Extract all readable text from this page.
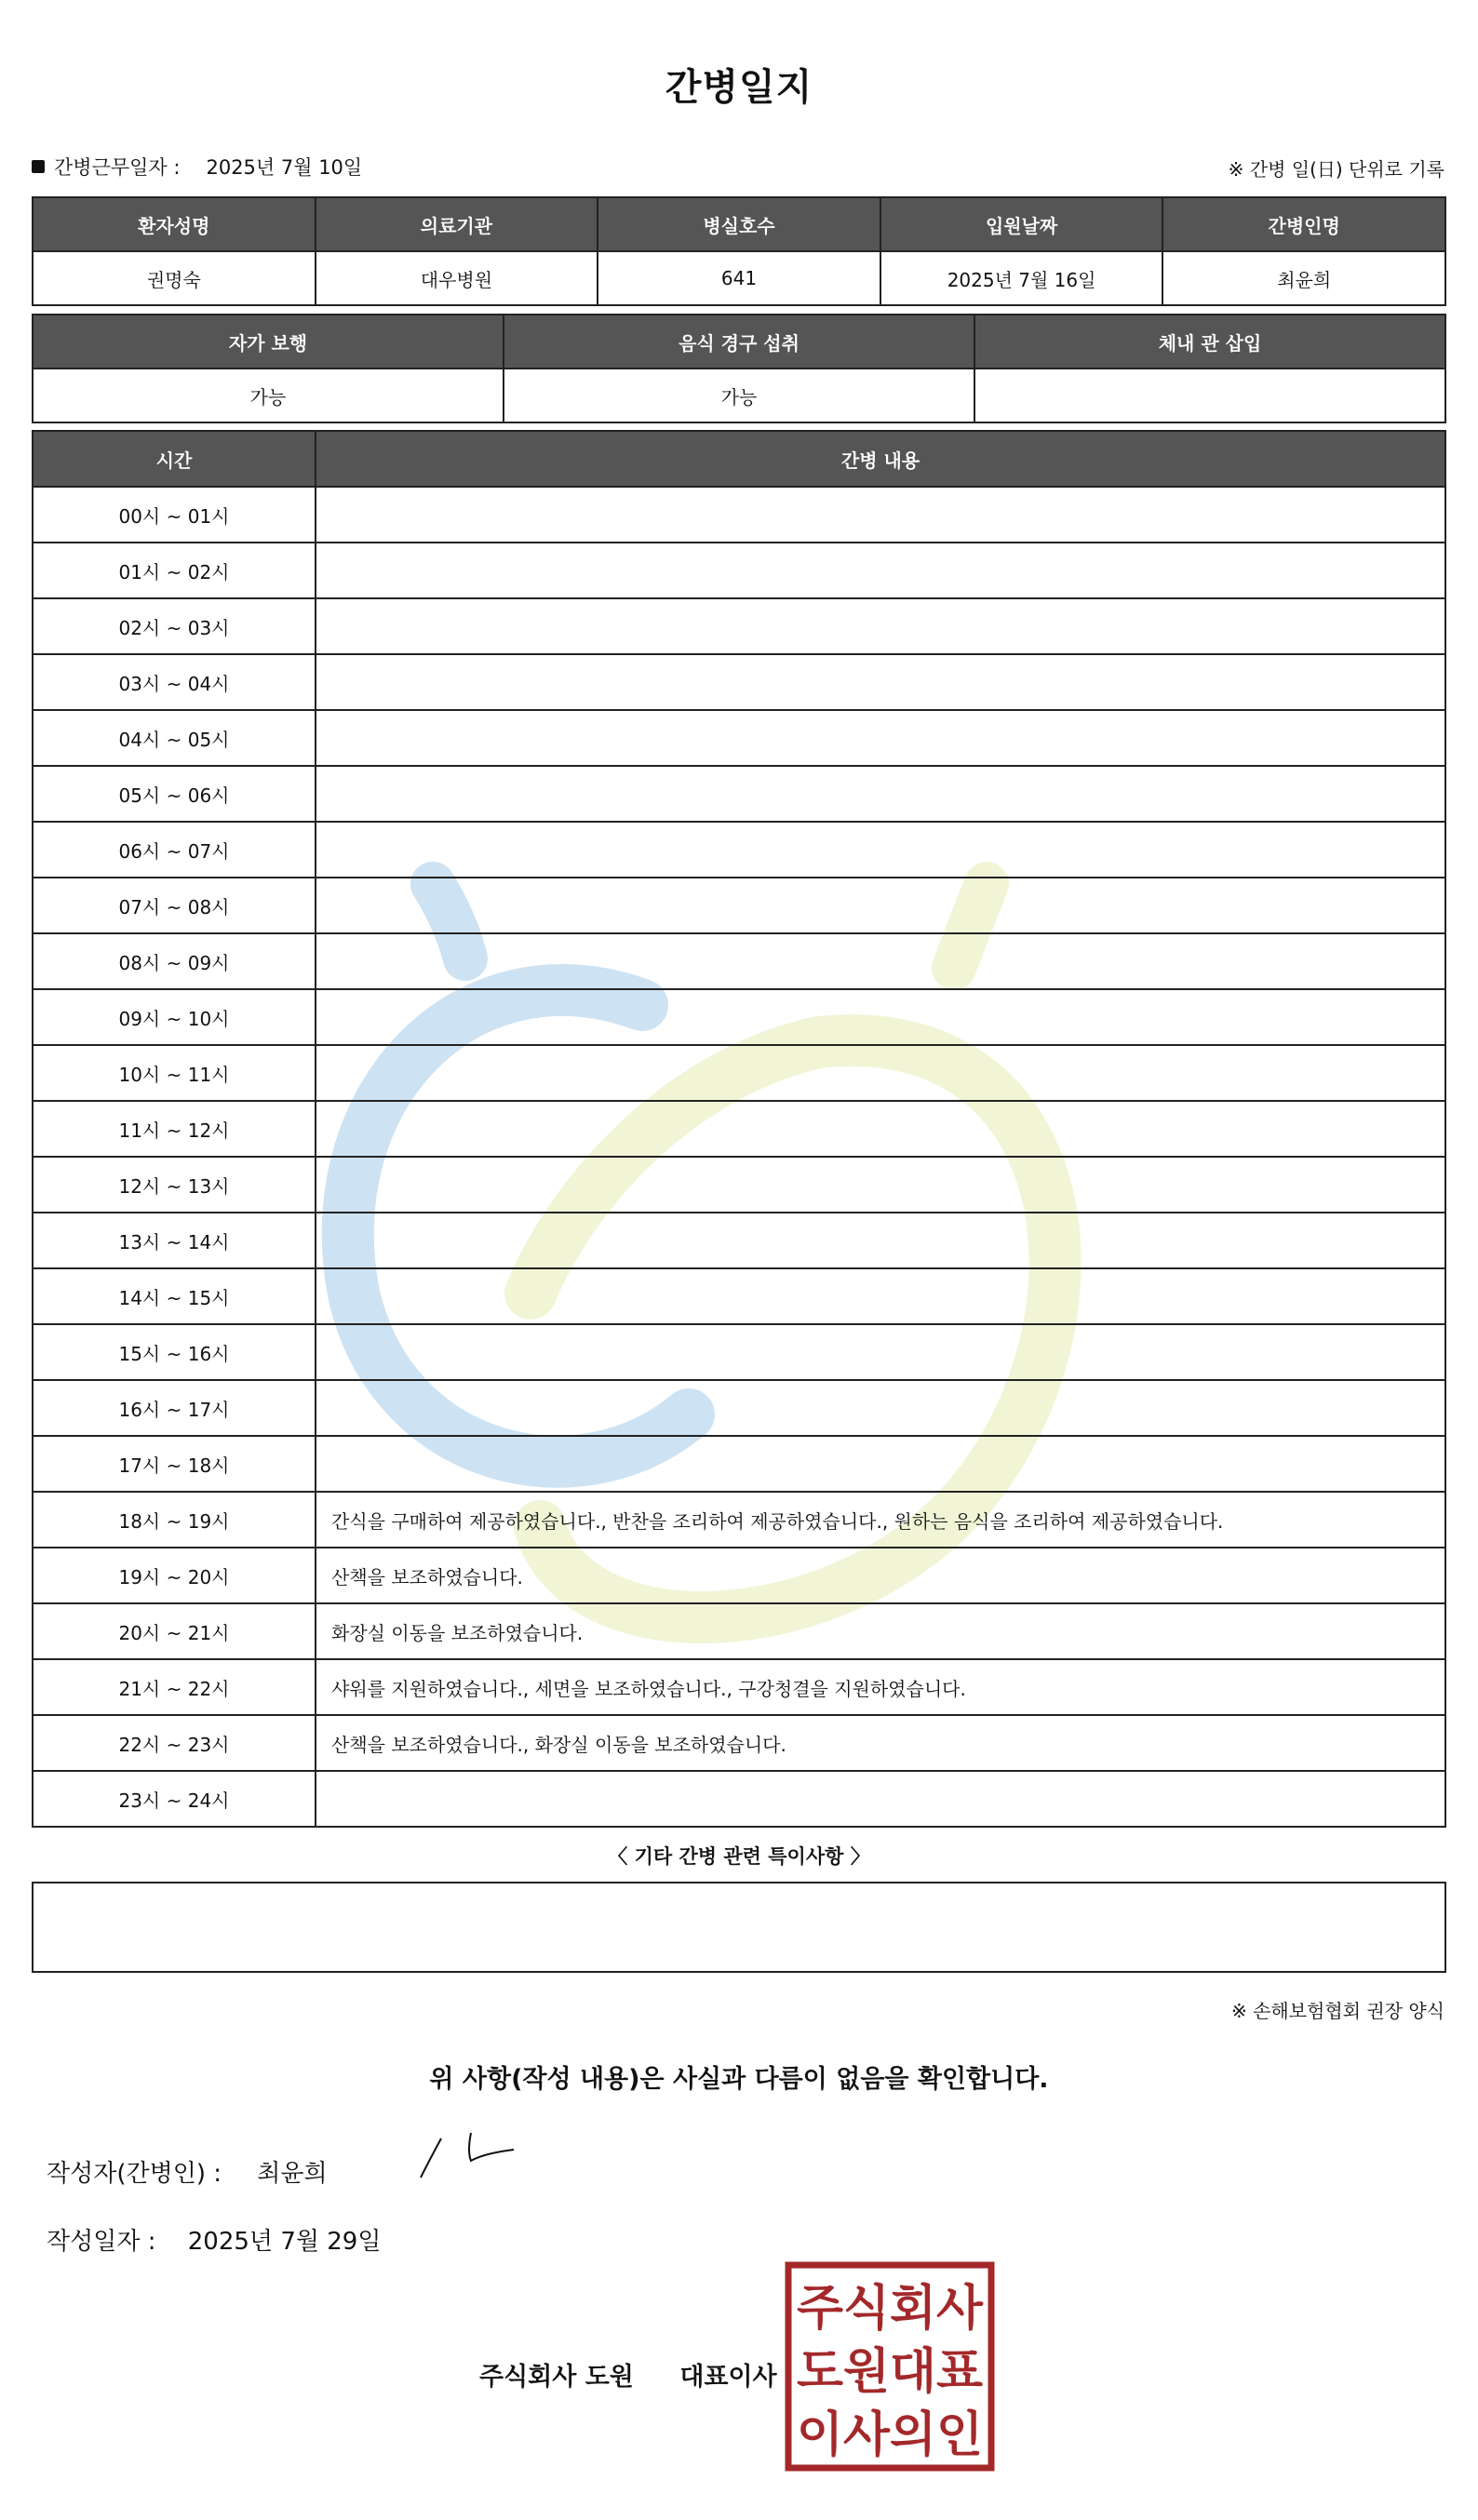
간병일지
간병근무일자 : 2025년 7월 10일	※ 간병 일(日) 단위로 기록
환자성명	의료기관	병실호수	입원날짜	간병인명
권명숙	대우병원	641	2025년 7월 16일	최윤희
자가 보행	음식 경구 섭취	체내 관 삽입
가능	가능	
시간	간병 내용
00시 ~ 01시	
01시 ~ 02시	
02시 ~ 03시	
03시 ~ 04시	
04시 ~ 05시	
05시 ~ 06시	
06시 ~ 07시	
07시 ~ 08시	
08시 ~ 09시	
09시 ~ 10시	
10시 ~ 11시	
11시 ~ 12시	
12시 ~ 13시	
13시 ~ 14시	
14시 ~ 15시	
15시 ~ 16시	
16시 ~ 17시	
17시 ~ 18시	
18시 ~ 19시	간식을 구매하여 제공하였습니다., 반찬을 조리하여 제공하였습니다., 원하는 음식을 조리하여 제공하였습니다.
19시 ~ 20시	산책을 보조하였습니다.
20시 ~ 21시	화장실 이동을 보조하였습니다.
21시 ~ 22시	샤워를 지원하였습니다., 세면을 보조하였습니다., 구강청결을 지원하였습니다.
22시 ~ 23시	산책을 보조하였습니다., 화장실 이동을 보조하였습니다.
23시 ~ 24시	
〈 기타 간병 관련 특이사항 〉
※ 손해보험협회 권장 양식
위 사항(작성 내용)은 사실과 다름이 없음을 확인합니다.
작성자(간병인) : 최윤희
작성일자 : 2025년 7월 29일
주식회사 도원 대표이사
주식회사
도원대표
이사의인
